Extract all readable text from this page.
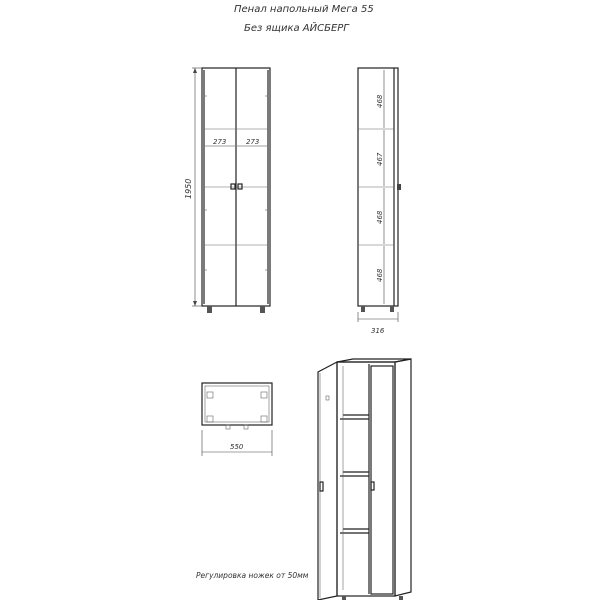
Пенал напольный Мега 55
Без ящика АЙСБЕРГ
1950
273	273
468
467
468
468
316
550
Регулировка ножек от 50мм
